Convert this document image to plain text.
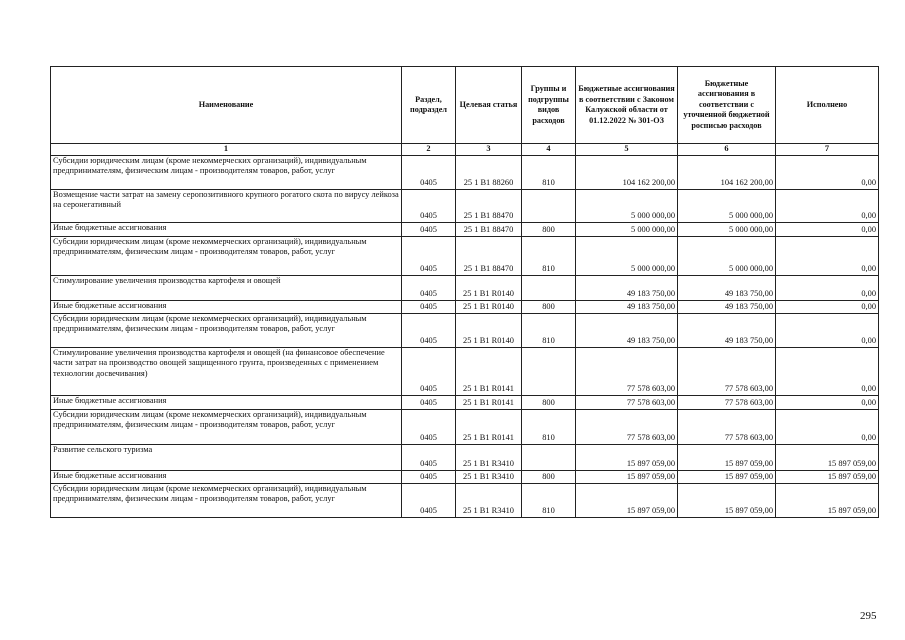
Наименование	Раздел, подраздел	Целевая статья	Группы и подгруппы видов расходов	Бюджетные ассигнования в соответствии с Законом Калужской области от 01.12.2022 № 301-ОЗ	Бюджетные ассигнования в соответствии с уточненной бюджетной росписью расходов	Исполнено
1	2	3	4	5	6	7
Субсидии юридическим лицам (кроме некоммерческих организаций), индивидуальным предпринимателям, физическим лицам - производителям товаров, работ, услуг	0405	25 1 B1 88260	810	104 162 200,00	104 162 200,00	0,00
Возмещение части затрат на замену серопозитивного крупного рогатого скота по вирусу лейкоза на серонегативный	0405	25 1 B1 88470		5 000 000,00	5 000 000,00	0,00
Иные бюджетные ассигнования	0405	25 1 B1 88470	800	5 000 000,00	5 000 000,00	0,00
Субсидии юридическим лицам (кроме некоммерческих организаций), индивидуальным предпринимателям, физическим лицам - производителям товаров, работ, услуг	0405	25 1 B1 88470	810	5 000 000,00	5 000 000,00	0,00
Стимулирование увеличения производства картофеля и овощей	0405	25 1 B1 R0140		49 183 750,00	49 183 750,00	0,00
Иные бюджетные ассигнования	0405	25 1 B1 R0140	800	49 183 750,00	49 183 750,00	0,00
Субсидии юридическим лицам (кроме некоммерческих организаций), индивидуальным предпринимателям, физическим лицам - производителям товаров, работ, услуг	0405	25 1 B1 R0140	810	49 183 750,00	49 183 750,00	0,00
Стимулирование увеличения производства картофеля и овощей (на финансовое обеспечение части затрат на производство овощей защищенного грунта, произведенных с применением технологии досвечивания)	0405	25 1 B1 R0141		77 578 603,00	77 578 603,00	0,00
Иные бюджетные ассигнования	0405	25 1 B1 R0141	800	77 578 603,00	77 578 603,00	0,00
Субсидии юридическим лицам (кроме некоммерческих организаций), индивидуальным предпринимателям, физическим лицам - производителям товаров, работ, услуг	0405	25 1 B1 R0141	810	77 578 603,00	77 578 603,00	0,00
Развитие сельского туризма	0405	25 1 B1 R3410		15 897 059,00	15 897 059,00	15 897 059,00
Иные бюджетные ассигнования	0405	25 1 B1 R3410	800	15 897 059,00	15 897 059,00	15 897 059,00
Субсидии юридическим лицам (кроме некоммерческих организаций), индивидуальным предпринимателям, физическим лицам - производителям товаров, работ, услуг	0405	25 1 B1 R3410	810	15 897 059,00	15 897 059,00	15 897 059,00
295
